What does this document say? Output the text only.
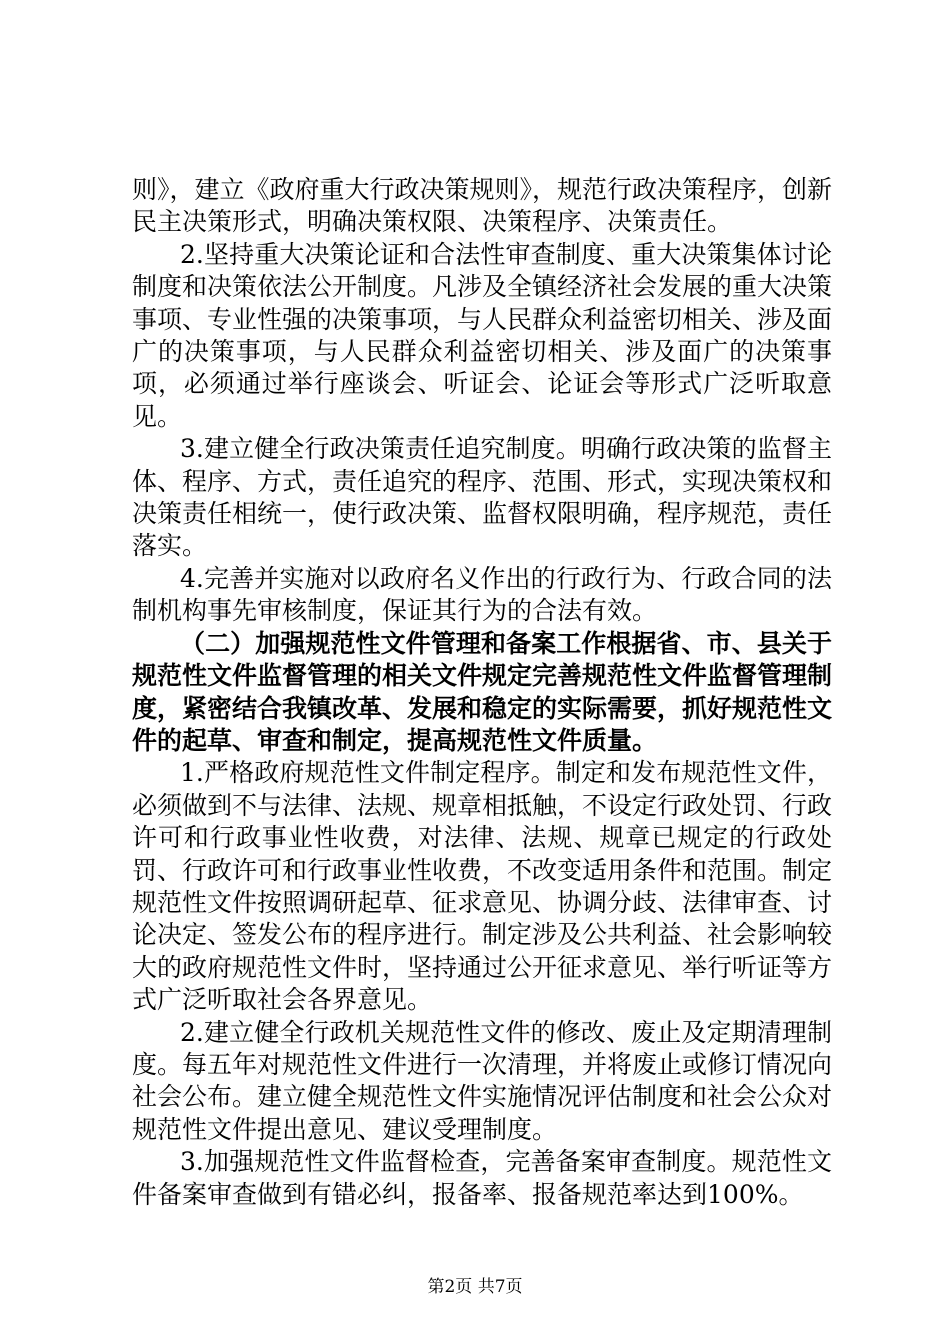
则》，建立《政府重大行政决策规则》，规范行政决策程序，创新民主决策形式，明确决策权限、决策程序、决策责任。

2.坚持重大决策论证和合法性审查制度、重大决策集体讨论制度和决策依法公开制度。凡涉及全镇经济社会发展的重大决策事项、专业性强的决策事项，与人民群众利益密切相关、涉及面广的决策事项，与人民群众利益密切相关、涉及面广的决策事项，必须通过举行座谈会、听证会、论证会等形式广泛听取意见。

3.建立健全行政决策责任追究制度。明确行政决策的监督主体、程序、方式，责任追究的程序、范围、形式，实现决策权和决策责任相统一，使行政决策、监督权限明确，程序规范，责任落实。

4.完善并实施对以政府名义作出的行政行为、行政合同的法制机构事先审核制度，保证其行为的合法有效。

（二）加强规范性文件管理和备案工作根据省、市、县关于规范性文件监督管理的相关文件规定完善规范性文件监督管理制度，紧密结合我镇改革、发展和稳定的实际需要，抓好规范性文件的起草、审查和制定，提高规范性文件质量。

1.严格政府规范性文件制定程序。制定和发布规范性文件，必须做到不与法律、法规、规章相抵触，不设定行政处罚、行政许可和行政事业性收费，对法律、法规、规章已规定的行政处罚、行政许可和行政事业性收费，不改变适用条件和范围。制定规范性文件按照调研起草、征求意见、协调分歧、法律审查、讨论决定、签发公布的程序进行。制定涉及公共利益、社会影响较大的政府规范性文件时，坚持通过公开征求意见、举行听证等方式广泛听取社会各界意见。

2.建立健全行政机关规范性文件的修改、废止及定期清理制度。每五年对规范性文件进行一次清理，并将废止或修订情况向社会公布。建立健全规范性文件实施情况评估制度和社会公众对规范性文件提出意见、建议受理制度。

3.加强规范性文件监督检查，完善备案审查制度。规范性文件备案审查做到有错必纠，报备率、报备规范率达到100%。

第2页 共7页
